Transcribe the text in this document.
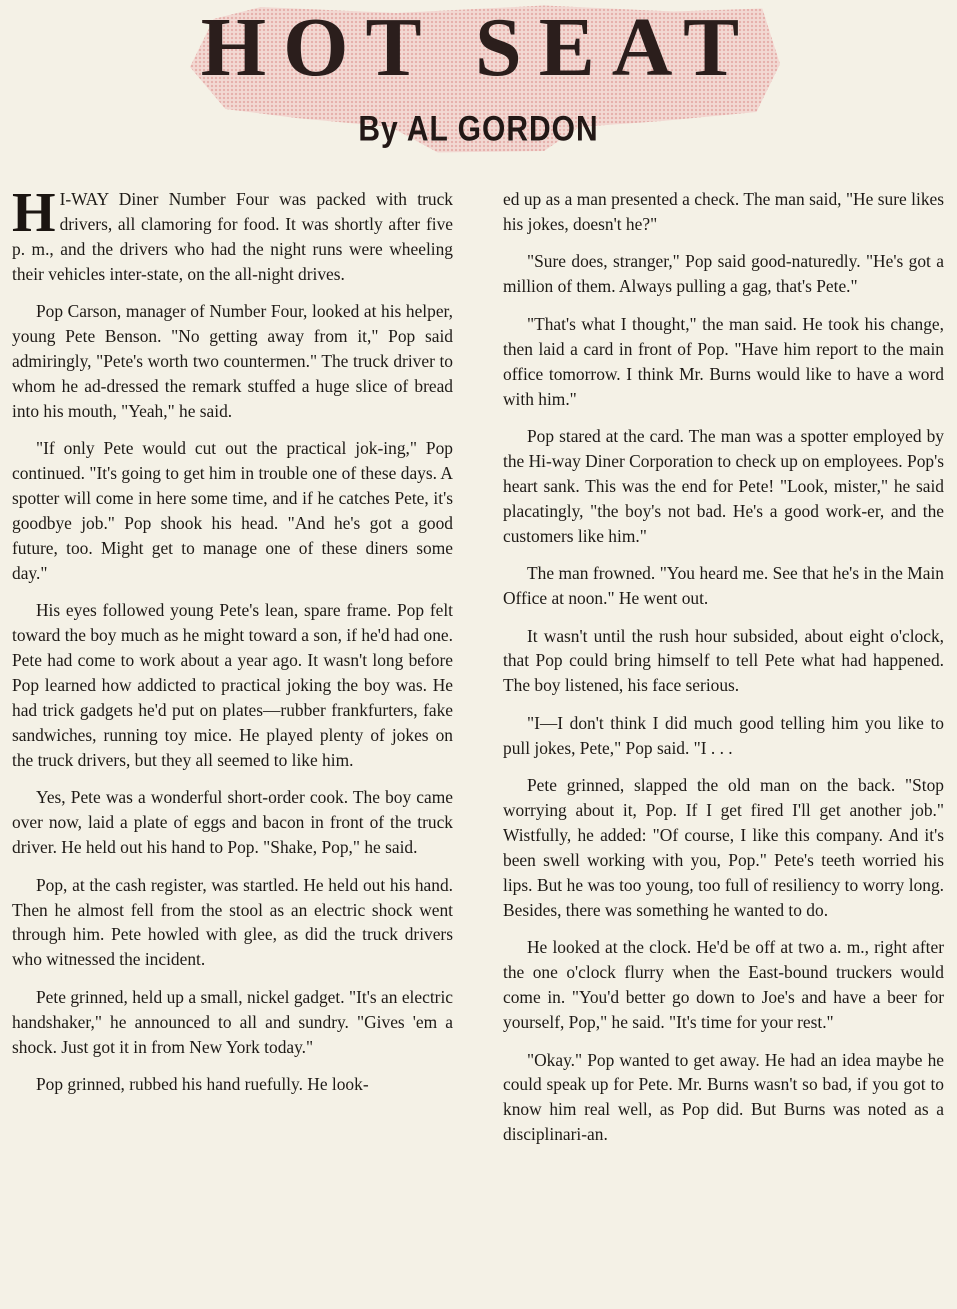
HOT SEAT
By AL GORDON

H I-WAY Diner Number Four was packed with truck drivers, all clamoring for food. It was shortly after five p. m., and the drivers who had the night runs were wheeling their vehicles inter-state, on the all-night drives.

Pop Carson, manager of Number Four, looked at his helper, young Pete Benson. "No getting away from it," Pop said admiringly, "Pete's worth two countermen." The truck driver to whom he ad-dressed the remark stuffed a huge slice of bread into his mouth, "Yeah," he said.

"If only Pete would cut out the practical jok-ing," Pop continued. "It's going to get him in trouble one of these days. A spotter will come in here some time, and if he catches Pete, it's goodbye job." Pop shook his head. "And he's got a good future, too. Might get to manage one of these diners some day."

His eyes followed young Pete's lean, spare frame. Pop felt toward the boy much as he might toward a son, if he'd had one. Pete had come to work about a year ago. It wasn't long before Pop learned how addicted to practical joking the boy was. He had trick gadgets he'd put on plates—rubber frankfurters, fake sandwiches, running toy mice. He played plenty of jokes on the truck drivers, but they all seemed to like him.

Yes, Pete was a wonderful short-order cook. The boy came over now, laid a plate of eggs and bacon in front of the truck driver. He held out his hand to Pop. "Shake, Pop," he said.

Pop, at the cash register, was startled. He held out his hand. Then he almost fell from the stool as an electric shock went through him. Pete howled with glee, as did the truck drivers who witnessed the incident.

Pete grinned, held up a small, nickel gadget. "It's an electric handshaker," he announced to all and sundry. "Gives 'em a shock. Just got it in from New York today."

Pop grinned, rubbed his hand ruefully. He look-

ed up as a man presented a check. The man said, "He sure likes his jokes, doesn't he?"

"Sure does, stranger," Pop said good-naturedly. "He's got a million of them. Always pulling a gag, that's Pete."

"That's what I thought," the man said. He took his change, then laid a card in front of Pop. "Have him report to the main office tomorrow. I think Mr. Burns would like to have a word with him."

Pop stared at the card. The man was a spotter employed by the Hi-way Diner Corporation to check up on employees. Pop's heart sank. This was the end for Pete! "Look, mister," he said placatingly, "the boy's not bad. He's a good work-er, and the customers like him."

The man frowned. "You heard me. See that he's in the Main Office at noon." He went out.

It wasn't until the rush hour subsided, about eight o'clock, that Pop could bring himself to tell Pete what had happened. The boy listened, his face serious.

"I—I don't think I did much good telling him you like to pull jokes, Pete," Pop said. "I . . .

Pete grinned, slapped the old man on the back. "Stop worrying about it, Pop. If I get fired I'll get another job." Wistfully, he added: "Of course, I like this company. And it's been swell working with you, Pop." Pete's teeth worried his lips. But he was too young, too full of resiliency to worry long. Besides, there was something he wanted to do.

He looked at the clock. He'd be off at two a. m., right after the one o'clock flurry when the East-bound truckers would come in. "You'd better go down to Joe's and have a beer for yourself, Pop," he said. "It's time for your rest."

"Okay." Pop wanted to get away. He had an idea maybe he could speak up for Pete. Mr. Burns wasn't so bad, if you got to know him real well, as Pop did. But Burns was noted as a disciplinari-an.
